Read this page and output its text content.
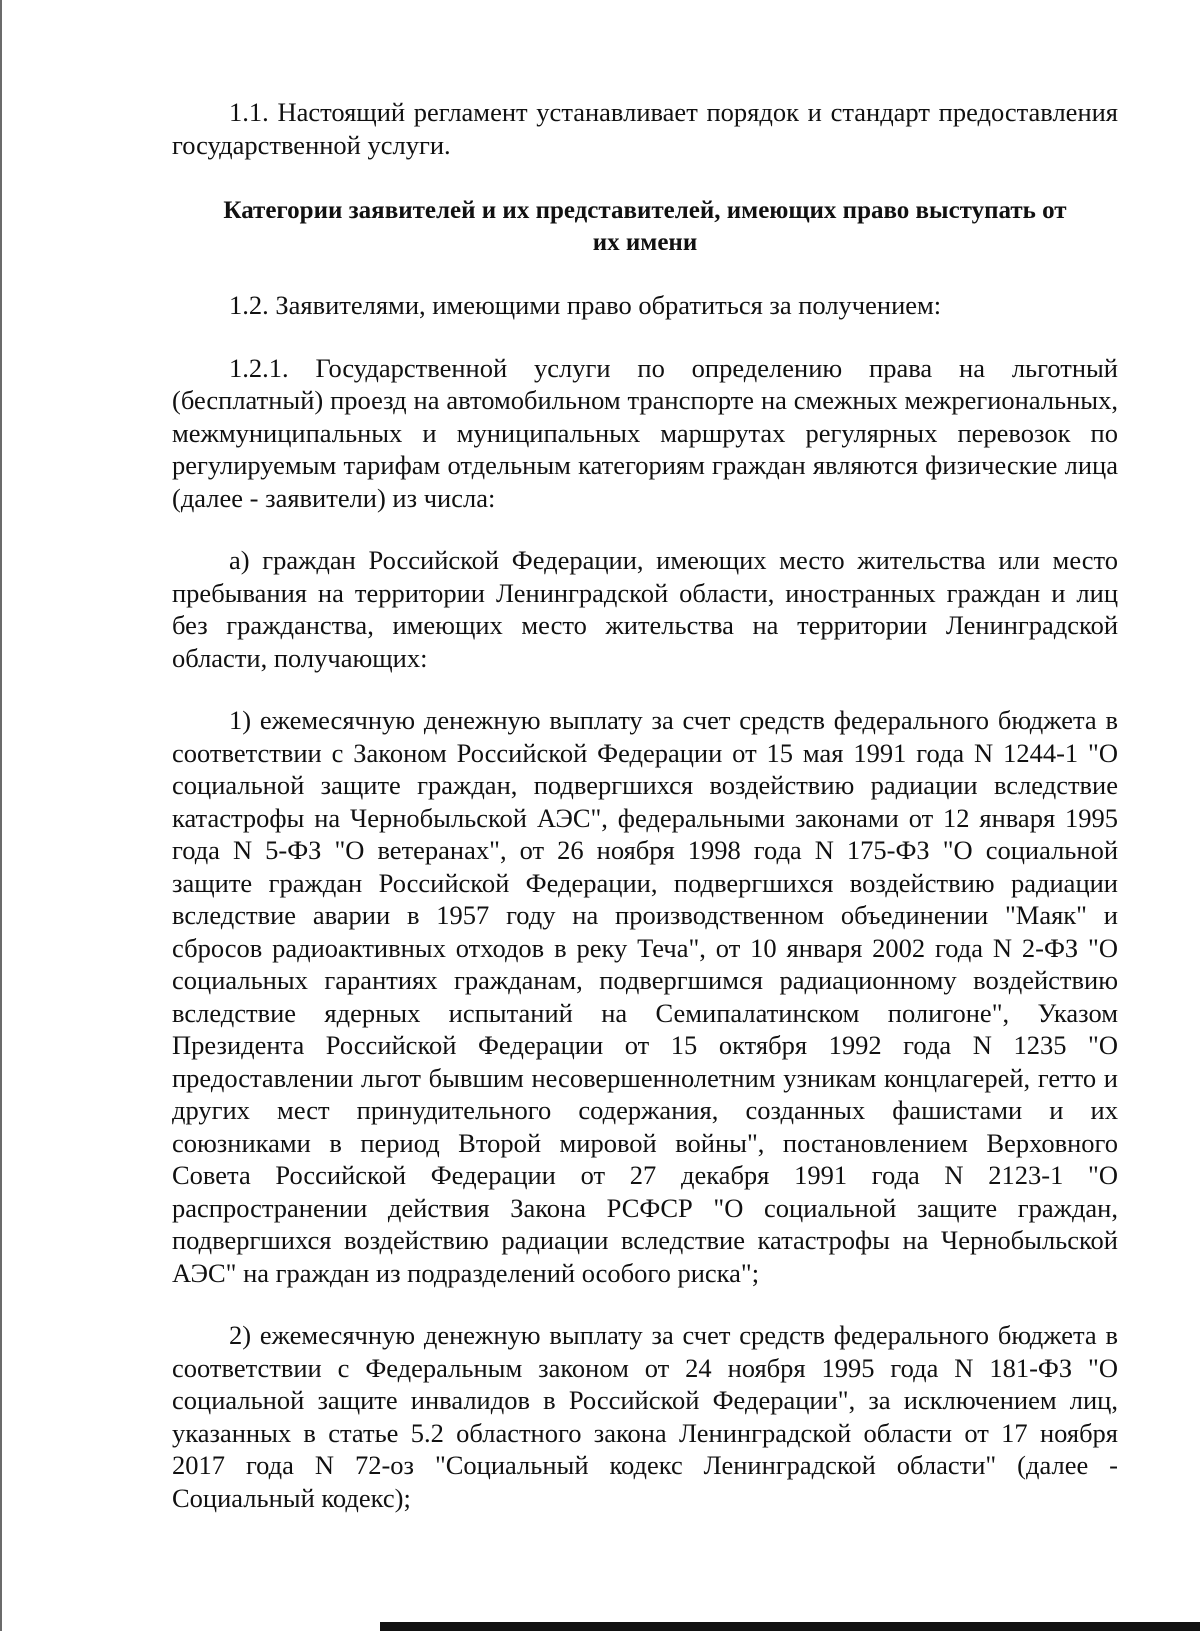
1.1. Настоящий регламент устанавливает порядок и стандарт предоставления государственной услуги.

Категории заявителей и их представителей, имеющих право выступать от их имени

1.2. Заявителями, имеющими право обратиться за получением:

1.2.1. Государственной услуги по определению права на льготный (бесплатный) проезд на автомобильном транспорте на смежных межрегиональных, межмуниципальных и муниципальных маршрутах регулярных перевозок по регулируемым тарифам отдельным категориям граждан являются физические лица (далее - заявители) из числа:

а) граждан Российской Федерации, имеющих место жительства или место пребывания на территории Ленинградской области, иностранных граждан и лиц без гражданства, имеющих место жительства на территории Ленинградской области, получающих:

1) ежемесячную денежную выплату за счет средств федерального бюджета в соответствии с Законом Российской Федерации от 15 мая 1991 года N 1244-1 "О социальной защите граждан, подвергшихся воздействию радиации вследствие катастрофы на Чернобыльской АЭС", федеральными законами от 12 января 1995 года N 5-ФЗ "О ветеранах", от 26 ноября 1998 года N 175-ФЗ "О социальной защите граждан Российской Федерации, подвергшихся воздействию радиации вследствие аварии в 1957 году на производственном объединении "Маяк" и сбросов радиоактивных отходов в реку Теча", от 10 января 2002 года N 2-ФЗ "О социальных гарантиях гражданам, подвергшимся радиационному воздействию вследствие ядерных испытаний на Семипалатинском полигоне", Указом Президента Российской Федерации от 15 октября 1992 года N 1235 "О предоставлении льгот бывшим несовершеннолетним узникам концлагерей, гетто и других мест принудительного содержания, созданных фашистами и их союзниками в период Второй мировой войны", постановлением Верховного Совета Российской Федерации от 27 декабря 1991 года N 2123-1 "О распространении действия Закона РСФСР "О социальной защите граждан, подвергшихся воздействию радиации вследствие катастрофы на Чернобыльской АЭС" на граждан из подразделений особого риска";

2) ежемесячную денежную выплату за счет средств федерального бюджета в соответствии с Федеральным законом от 24 ноября 1995 года N 181-ФЗ "О социальной защите инвалидов в Российской Федерации", за исключением лиц, указанных в статье 5.2 областного закона Ленинградской области от 17 ноября 2017 года N 72-оз "Социальный кодекс Ленинградской области" (далее - Социальный кодекс);
